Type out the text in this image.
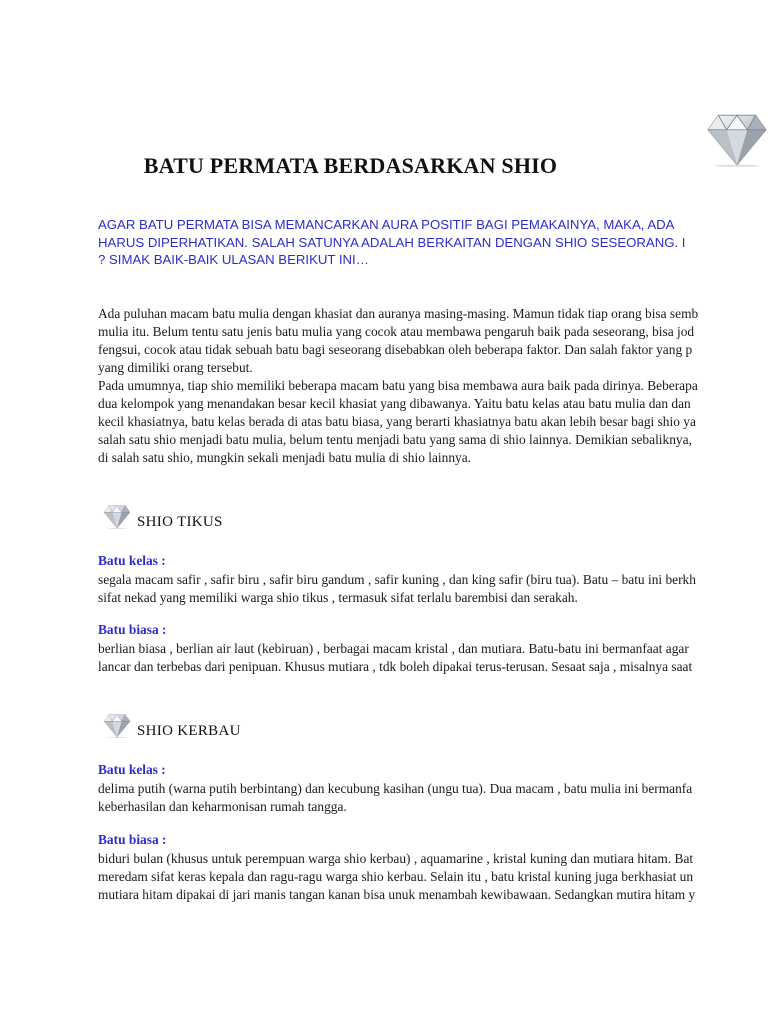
BATU PERMATA BERDASARKAN SHIO
AGAR BATU PERMATA BISA MEMANCARKAN AURA POSITIF BAGI PEMAKAINYA, MAKA, ADA
HARUS DIPERHATIKAN. SALAH SATUNYA ADALAH BERKAITAN DENGAN SHIO SESEORANG. I
? SIMAK BAIK-BAIK ULASAN BERIKUT INI…
Ada puluhan macam batu mulia dengan khasiat dan auranya masing-masing. Mamun tidak tiap orang bisa semb
mulia itu. Belum tentu satu jenis batu mulia yang cocok atau membawa pengaruh baik pada seseorang, bisa jod
fengsui, cocok atau tidak sebuah batu bagi seseorang disebabkan oleh beberapa faktor. Dan salah faktor yang p
yang dimiliki orang tersebut.
Pada umumnya, tiap shio memiliki beberapa macam batu yang bisa membawa aura baik pada dirinya. Beberapa
dua kelompok yang menandakan besar kecil khasiat yang dibawanya. Yaitu batu kelas atau batu mulia dan dan
kecil khasiatnya, batu kelas berada di atas batu biasa, yang berarti khasiatnya batu akan lebih besar bagi shio ya
salah satu shio menjadi batu mulia, belum tentu menjadi batu yang sama di shio lainnya. Demikian sebaliknya,
di salah satu shio, mungkin sekali menjadi batu mulia di shio lainnya.
SHIO TIKUS
Batu kelas :
segala macam safir , safir biru , safir biru gandum , safir kuning , dan king safir (biru tua). Batu – batu ini berkh
sifat nekad yang memiliki warga shio tikus , termasuk sifat terlalu barembisi dan serakah.
Batu biasa :
berlian biasa , berlian air laut (kebiruan) , berbagai macam kristal , dan mutiara. Batu-batu ini bermanfaat agar
lancar dan terbebas dari penipuan. Khusus mutiara , tdk boleh dipakai terus-terusan. Sesaat saja , misalnya saat
SHIO KERBAU
Batu kelas :
delima putih (warna putih berbintang) dan kecubung kasihan (ungu tua). Dua macam , batu mulia ini bermanfa
keberhasilan dan keharmonisan rumah tangga.
Batu biasa :
biduri bulan (khusus untuk perempuan warga shio kerbau) , aquamarine , kristal kuning dan mutiara hitam. Bat
meredam sifat keras kepala dan ragu-ragu warga shio kerbau. Selain itu , batu kristal kuning juga berkhasiat un
mutiara hitam dipakai di jari manis tangan kanan bisa unuk menambah kewibawaan. Sedangkan mutira hitam y
